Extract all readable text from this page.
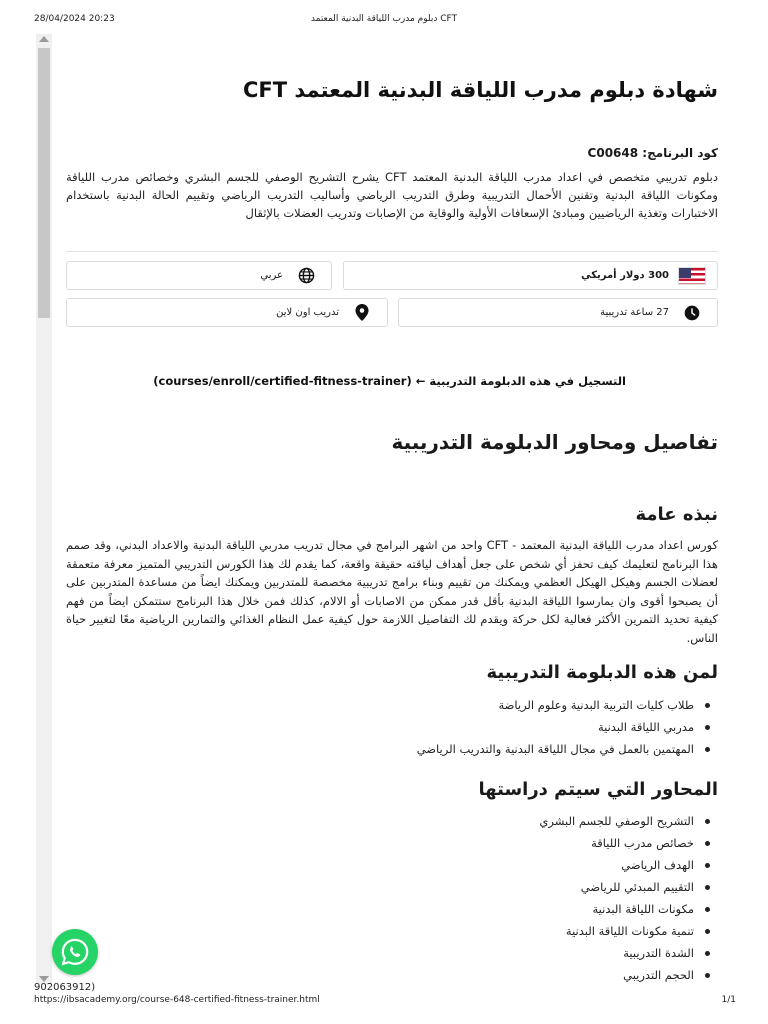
28/04/2024 20:23	CFT دبلوم مدرب اللياقة البدنية المعتمد
شهادة دبلوم مدرب اللياقة البدنية المعتمد CFT
كود البرنامج: C00648

دبلوم تدريبي متخصص في اعداد مدرب اللياقة البدنية المعتمد CFT يشرح التشريح الوصفي للجسم البشري وخصائص مدرب اللياقة ومكونات اللياقة البدنية وتقنين الأحمال التدريبية وطرق التدريب الرياضي وأساليب التدريب الرياضي وتقييم الحالة البدنية باستخدام الاختبارات وتغذية الرياضيين ومبادئ الإسعافات الأولية والوقاية من الإصابات وتدريب العضلات بالإثقال

300 دولار أمريكي
عربي
27 ساعة تدريبية
تدريب اون لاين
التسجيل في هذه الدبلومة التدريبية ← (courses/enroll/certified-fitness-trainer)
تفاصيل ومحاور الدبلومة التدريبية
نبذه عامة

كورس اعداد مدرب اللياقة البدنية المعتمد - CFT واحد من اشهر البرامج في مجال تدريب مدربي اللياقة البدنية والاعداد البدني، وقد صمم هذا البرنامج لتعليمك كيف تحفز أي شخص على جعل أهداف لياقته حقيقة واقعة، كما يقدم لك هذا الكورس التدريبي المتميز معرفة متعمقة لعضلات الجسم وهيكل الهيكل العظمي ويمكنك من تقييم وبناء برامج تدريبية مخصصة للمتدربين ويمكنك ايضاً من مساعدة المتدربين على أن يصبحوا أقوى وان يمارسوا اللياقة البدنية بأقل قدر ممكن من الاصابات أو الالام، كذلك فمن خلال هذا البرنامج ستتمكن ايضاً من فهم كيفية تحديد التمرين الأكثر فعالية لكل حركة ويقدم لك التفاصيل اللازمة حول كيفية عمل النظام الغذائي والتمارين الرياضية معًا لتغيير حياة الناس.

لمن هذه الدبلومة التدريبية
طلاب كليات التربية البدنية وعلوم الرياضة
مدربي اللياقة البدنية
المهتمين بالعمل في مجال اللياقة البدنية والتدريب الرياضي
المحاور التي سيتم دراستها
التشريح الوصفي للجسم البشري
خصائص مدرب اللياقة
الهدف الرياضي
التقييم المبدئي للرياضي
مكونات اللياقة البدنية
تنمية مكونات اللياقة البدنية
الشدة التدريبية
الحجم التدريبي
902063912)
https://ibsacademy.org/course-648-certified-fitness-trainer.html	1/1
